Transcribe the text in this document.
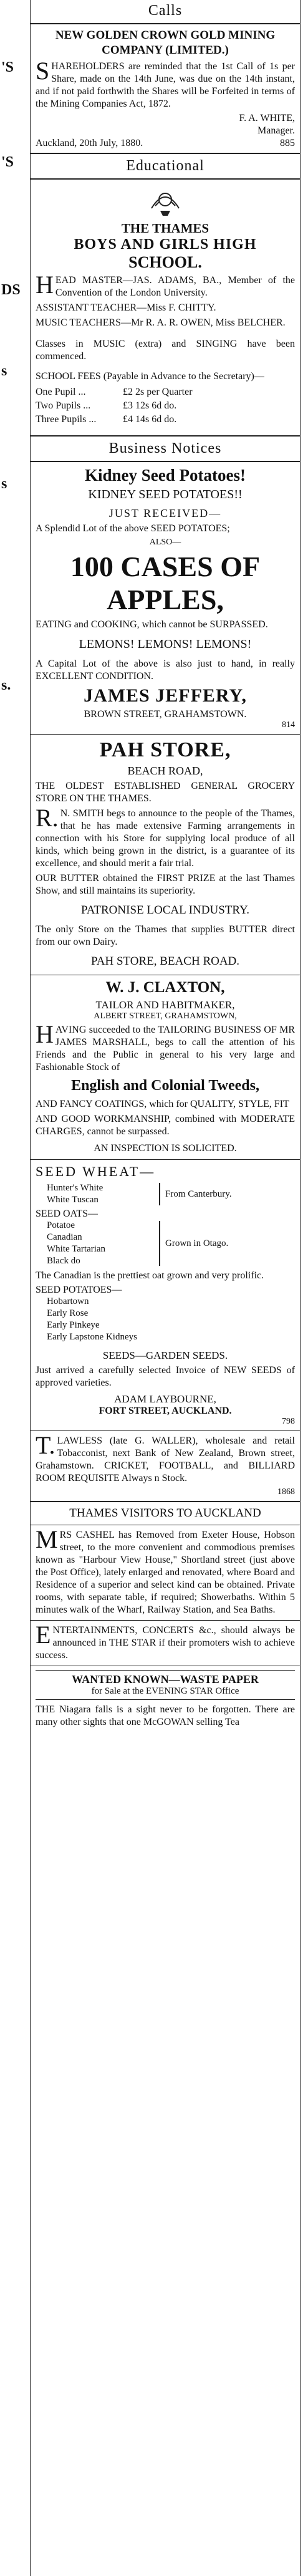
'S
'S
DS
s
s
s.
Calls
NEW GOLDEN CROWN GOLD MINING COMPANY (LIMITED.)
SHAREHOLDERS are reminded that the 1st Call of 1s per Share, made on the 14th June, was due on the 14th instant, and if not paid forthwith the Shares will be Forfeited in terms of the Mining Companies Act, 1872.
F. A. WHITE,
Manager.
Auckland, 20th July, 1880.	885
Educational
THE THAMES
BOYS AND GIRLS HIGH
SCHOOL.
HEAD MASTER—JAS. ADAMS, BA., Member of the Convention of the London University.
ASSISTANT TEACHER—Miss F. CHITTY.
MUSIC TEACHERS—Mr R. A. R. OWEN, Miss BELCHER.
Classes in MUSIC (extra) and SINGING have been commenced.
SCHOOL FEES (Payable in Advance to the Secretary)—
One Pupil ...	£2 2s per Quarter
Two Pupils ...	£3 12s 6d do.
Three Pupils ...	£4 14s 6d do.
Business Notices
Kidney Seed Potatoes!
KIDNEY SEED POTATOES!!
JUST RECEIVED—
A Splendid Lot of the above SEED POTATOES;
ALSO—
100 CASES OF APPLES,
EATING and COOKING, which cannot be SURPASSED.
LEMONS! LEMONS! LEMONS!
A Capital Lot of the above is also just to hand, in really EXCELLENT CONDITION.
JAMES JEFFERY,
BROWN STREET, GRAHAMSTOWN.
814
PAH STORE,
BEACH ROAD,
THE OLDEST ESTABLISHED GENERAL GROCERY STORE ON THE THAMES.
R.N. SMITH begs to announce to the people of the Thames, that he has made extensive Farming arrangements in connection with his Store for supplying local produce of all kinds, which being grown in the district, is a guarantee of its excellence, and should merit a fair trial.
OUR BUTTER obtained the FIRST PRIZE at the last Thames Show, and still maintains its superiority.
PATRONISE LOCAL INDUSTRY.
The only Store on the Thames that supplies BUTTER direct from our own Dairy.
PAH STORE, BEACH ROAD.
W. J. CLAXTON,
TAILOR AND HABITMAKER,
ALBERT STREET, GRAHAMSTOWN,
HAVING succeeded to the TAILORING BUSINESS OF MR JAMES MARSHALL, begs to call the attention of his Friends and the Public in general to his very large and Fashionable Stock of
English and Colonial Tweeds,
AND FANCY COATINGS, which for QUALITY, STYLE, FIT
AND GOOD WORKMANSHIP, combined with MODERATE CHARGES, cannot be surpassed.
AN INSPECTION IS SOLICITED.
SEED WHEAT—
Hunter's White
White Tuscan
From Canterbury.
SEED OATS—
Potatoe
Canadian
White Tartarian
Black do
Grown in Otago.
The Canadian is the prettiest oat grown and very prolific.
SEED POTATOES—
Hobartown
Early Rose
Early Pinkeye
Early Lapstone Kidneys
SEEDS—GARDEN SEEDS.
Just arrived a carefully selected Invoice of NEW SEEDS of approved varieties.
ADAM LAYBOURNE,
FORT STREET, AUCKLAND.
798
T.LAWLESS (late G. WALLER), wholesale and retail Tobacconist, next Bank of New Zealand, Brown street, Grahamstown. CRICKET, FOOTBALL, and BILLIARD ROOM REQUISITE Always n Stock.
1868
THAMES VISITORS TO AUCKLAND
MRS CASHEL has Removed from Exeter House, Hobson street, to the more convenient and commodious premises known as "Harbour View House," Shortland street (just above the Post Office), lately enlarged and renovated, where Board and Residence of a superior and select kind can be obtained. Private rooms, with separate table, if required; Showerbaths. Within 5 minutes walk of the Wharf, Railway Station, and Sea Baths.
ENTERTAINMENTS, CONCERTS &c., should always be announced in THE STAR if their promoters wish to achieve success.
WANTED KNOWN—WASTE PAPER
for Sale at the EVENING STAR Office
THE Niagara falls is a sight never to be forgotten. There are many other sights that one McGOWAN selling Tea
